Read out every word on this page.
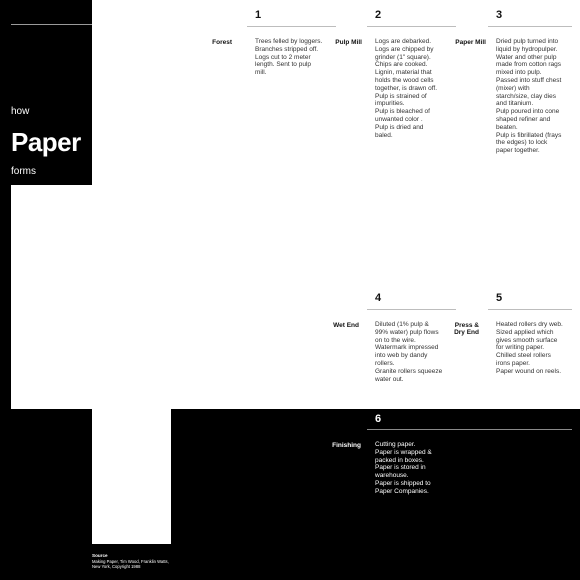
how
Paper
forms
1
Forest	Trees felled by loggers.
Branches stripped off.
Logs cut to 2 meter
length. Sent to pulp
mill.
2
Pulp Mill Logs are debarked.
Logs are chipped by
grinder (1" square).
Chips are cooked.
Lignin, material that
holds the wood cells
together, is drawn off.
Pulp is strained of
impurities.
Pulp is bleached of
unwanted color .
Pulp is dried and
baled.
3
Paper Mill Dried pulp turned into
liquid by hydropulper.
Water and other pulp
made from cotton rags
mixed into pulp.
Passed into stuff chest
(mixer) with
starch/size, clay dies
and titanium.
Pulp poured into cone
shaped refiner and
beaten.
Pulp is fibrillated (frays
the edges) to lock
paper together.
4
Wet End Diluted (1% pulp &
99% water) pulp flows
on to the wire.
Watermark impressed
into web by dandy
rollers.
Granite rollers squeeze
water out.
5
Press &
Dry End
Heated rollers dry web.
Sized applied which
gives smooth surface
for writing paper.
Chilled steel rollers
irons paper.
Paper wound on reels.
6
Finishing Cutting paper.
Paper is wrapped &
packed in boxes.
Paper is stored in
warehouse.
Paper is shipped to
Paper Companies.
Source
Making Paper, Tim Wood, Franklin Watts,
New York, Copyright 1988
